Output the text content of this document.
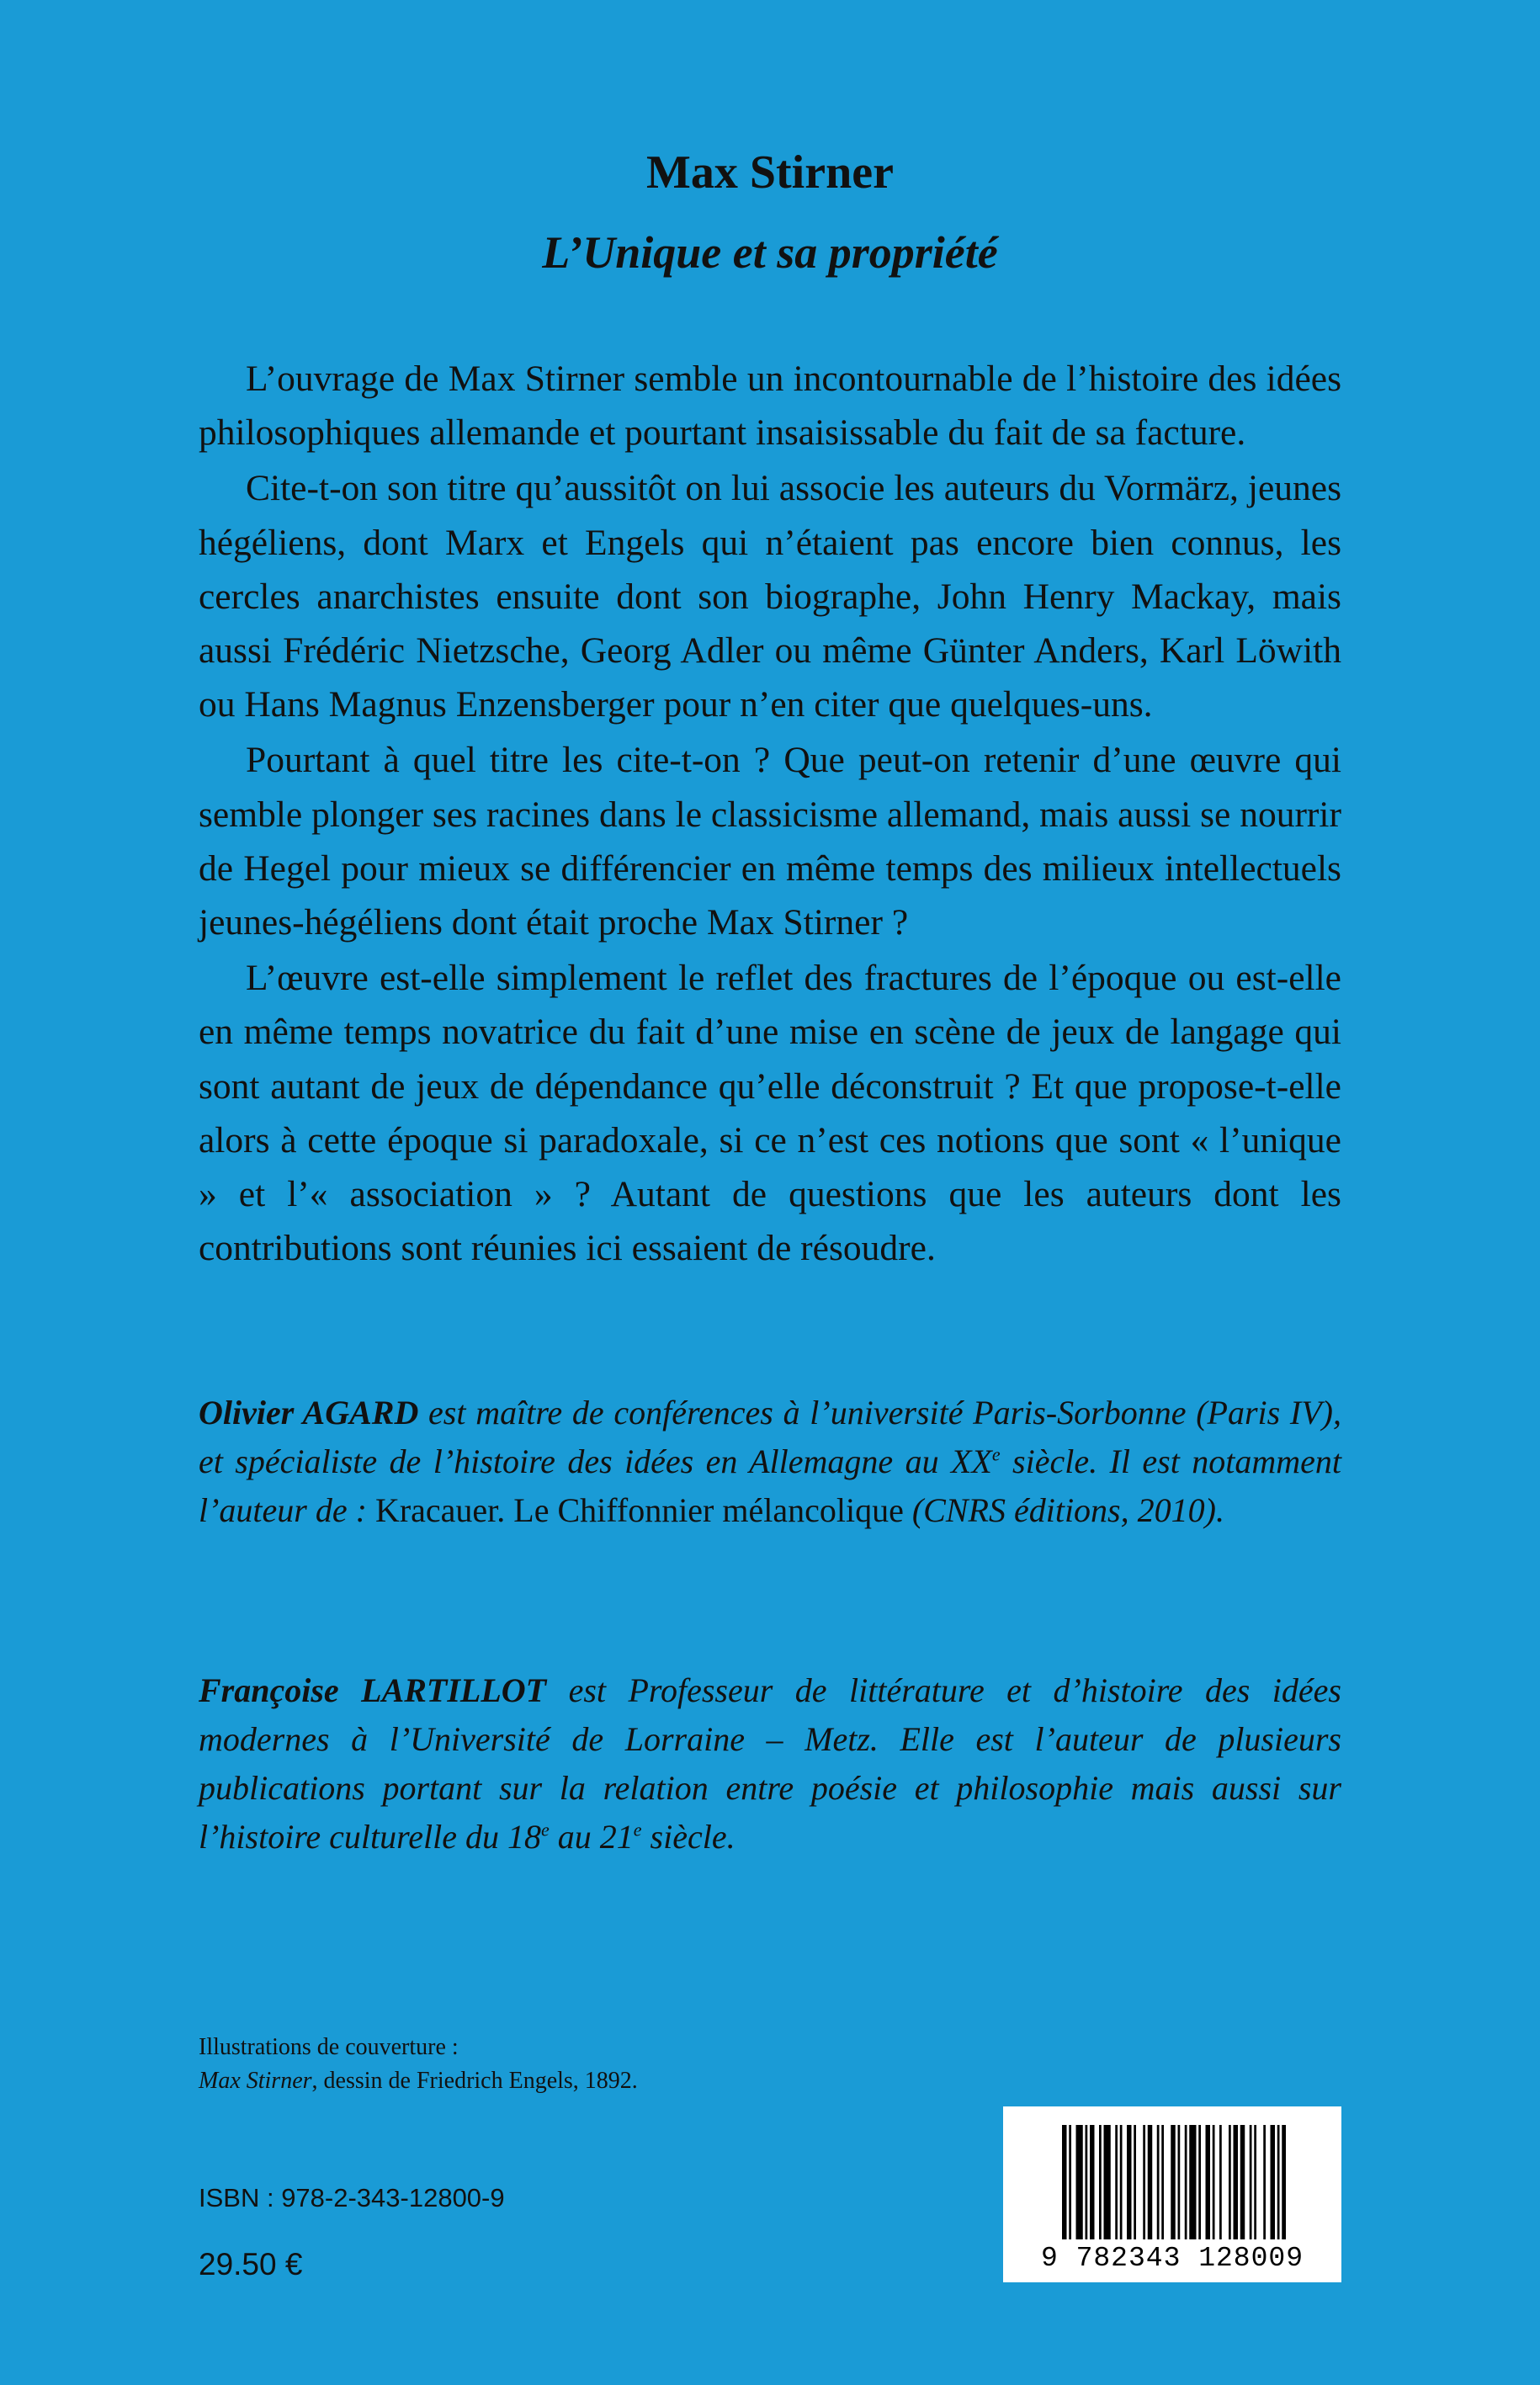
Max Stirner
L’Unique et sa propriété

L’ouvrage de Max Stirner semble un incontournable de l’histoire des idées philosophiques allemande et pourtant insaisissable du fait de sa facture.

Cite-t-on son titre qu’aussitôt on lui associe les auteurs du Vormärz, jeunes hégéliens, dont Marx et Engels qui n’étaient pas encore bien connus, les cercles anarchistes ensuite dont son biographe, John Henry Mackay, mais aussi Frédéric Nietzsche, Georg Adler ou même Günter Anders, Karl Löwith ou Hans Magnus Enzensberger pour n’en citer que quelques-uns.

Pourtant à quel titre les cite-t-on ? Que peut-on retenir d’une œuvre qui semble plonger ses racines dans le classicisme allemand, mais aussi se nourrir de Hegel pour mieux se différencier en même temps des milieux intellectuels jeunes-hégéliens dont était proche Max Stirner ?

L’œuvre est-elle simplement le reflet des fractures de l’époque ou est-elle en même temps novatrice du fait d’une mise en scène de jeux de langage qui sont autant de jeux de dépendance qu’elle déconstruit ? Et que propose-t-elle alors à cette époque si paradoxale, si ce n’est ces notions que sont « l’unique » et l’« association » ? Autant de questions que les auteurs dont les contributions sont réunies ici essaient de résoudre.

Olivier AGARD est maître de conférences à l’université Paris-Sorbonne (Paris IV), et spécialiste de l’histoire des idées en Allemagne au XXe siècle. Il est notamment l’auteur de : Kracauer. Le Chiffonnier mélancolique (CNRS éditions, 2010).

Françoise LARTILLOT est Professeur de littérature et d’histoire des idées modernes à l’Université de Lorraine – Metz. Elle est l’auteur de plusieurs publications portant sur la relation entre poésie et philosophie mais aussi sur l’histoire culturelle du 18e au 21e siècle.

Illustrations de couverture :
Max Stirner, dessin de Friedrich Engels, 1892.
ISBN : 978-2-343-12800-9
29.50 €	9 782343 128009
